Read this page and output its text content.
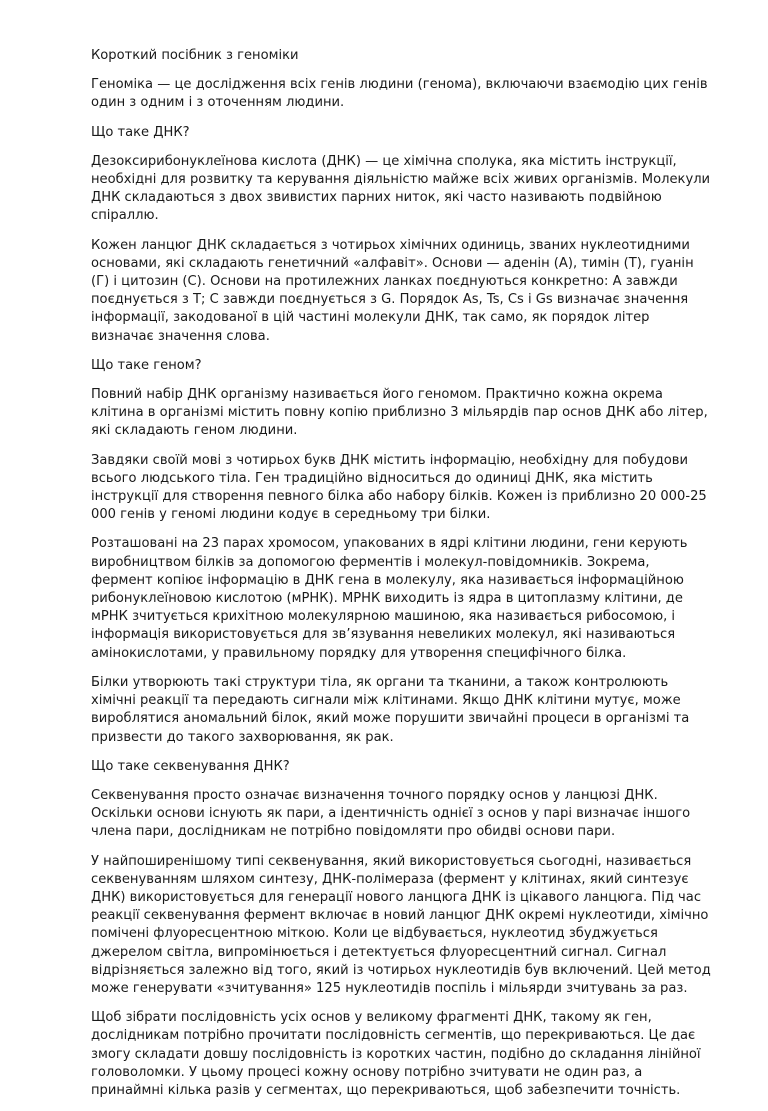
Короткий посібник з геноміки

Геноміка — це дослідження всіх генів людини (генома), включаючи взаємодію цих генів один з одним і з оточенням людини.

Що таке ДНК?

Дезоксирибонуклеїнова кислота (ДНК) — це хімічна сполука, яка містить інструкції, необхідні для розвитку та керування діяльністю майже всіх живих організмів. Молекули ДНК складаються з двох звивистих парних ниток, які часто називають подвійною спіраллю.

Кожен ланцюг ДНК складається з чотирьох хімічних одиниць, званих нуклеотидними основами, які складають генетичний «алфавіт». Основи — аденін (A), тимін (T), гуанін (Г) і цитозин (C). Основи на протилежних ланках поєднуються конкретно: A завжди поєднується з T; C завжди поєднується з G. Порядок As, Ts, Cs і Gs визначає значення інформації, закодованої в цій частині молекули ДНК, так само, як порядок літер визначає значення слова.

Що таке геном?

Повний набір ДНК організму називається його геномом. Практично кожна окрема клітина в організмі містить повну копію приблизно 3 мільярдів пар основ ДНК або літер, які складають геном людини.

Завдяки своїй мові з чотирьох букв ДНК містить інформацію, необхідну для побудови всього людського тіла. Ген традиційно відноситься до одиниці ДНК, яка містить інструкції для створення певного білка або набору білків. Кожен із приблизно 20 000-25 000 генів у геномі людини кодує в середньому три білки.

Розташовані на 23 парах хромосом, упакованих в ядрі клітини людини, гени керують виробництвом білків за допомогою ферментів і молекул-повідомників. Зокрема, фермент копіює інформацію в ДНК гена в молекулу, яка називається інформаційною рибонуклеїновою кислотою (мРНК). МРНК виходить із ядра в цитоплазму клітини, де мРНК зчитується крихітною молекулярною машиною, яка називається рибосомою, і інформація використовується для зв’язування невеликих молекул, які називаються амінокислотами, у правильному порядку для утворення специфічного білка.

Білки утворюють такі структури тіла, як органи та тканини, а також контролюють хімічні реакції та передають сигнали між клітинами. Якщо ДНК клітини мутує, може вироблятися аномальний білок, який може порушити звичайні процеси в організмі та призвести до такого захворювання, як рак.

Що таке секвенування ДНК?

Секвенування просто означає визначення точного порядку основ у ланцюзі ДНК. Оскільки основи існують як пари, а ідентичність однієї з основ у парі визначає іншого члена пари, дослідникам не потрібно повідомляти про обидві основи пари.

У найпоширенішому типі секвенування, який використовується сьогодні, називається секвенуванням шляхом синтезу, ДНК-полімераза (фермент у клітинах, який синтезує ДНК) використовується для генерації нового ланцюга ДНК із цікавого ланцюга. Під час реакції секвенування фермент включає в новий ланцюг ДНК окремі нуклеотиди, хімічно помічені флуоресцентною міткою. Коли це відбувається, нуклеотид збуджується джерелом світла, випромінюється і детектується флуоресцентний сигнал. Сигнал відрізняється залежно від того, який із чотирьох нуклеотидів був включений. Цей метод може генерувати «зчитування» 125 нуклеотидів поспіль і мільярди зчитувань за раз.

Щоб зібрати послідовність усіх основ у великому фрагменті ДНК, такому як ген, дослідникам потрібно прочитати послідовність сегментів, що перекриваються. Це дає змогу складати довшу послідовність із коротких частин, подібно до складання лінійної головоломки. У цьому процесі кожну основу потрібно зчитувати не один раз, а принаймні кілька разів у сегментах, що перекриваються, щоб забезпечити точність.
